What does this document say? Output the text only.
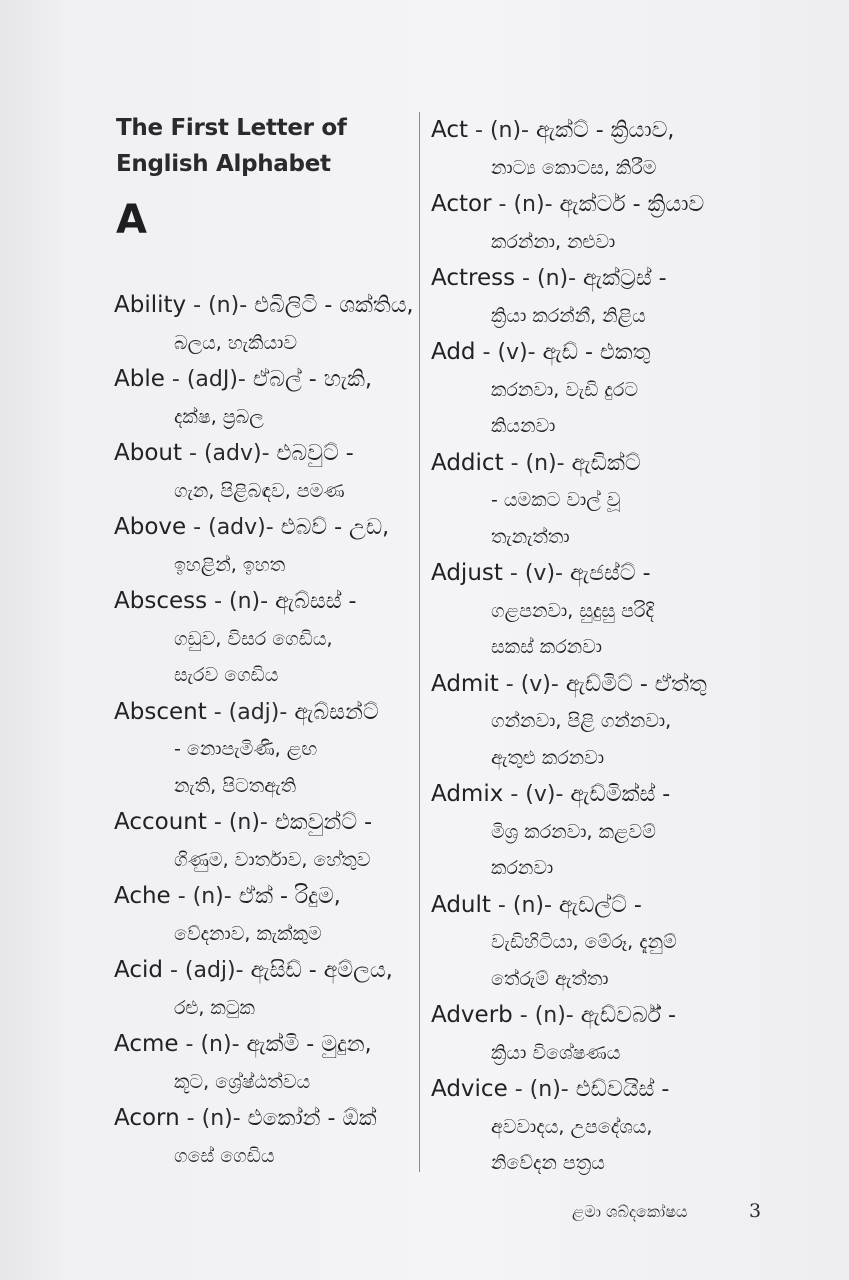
The First Letter of
English Alphabet
A
Ability - (n)- එබිලිටි - ශක්තිය,
බලය, හැකියාව
Able - (adJ)- ඒබල් - හැකි,
දක්ෂ, ප්‍රබල
About - (adv)- එබවුට් -
ගැන, පිළිබඳව, පමණ
Above - (adv)- එබව් - උඩ,
ඉහළින්, ඉහත
Abscess - (n)- ඇබ්සස් -
ගඩුව, විසර ගෙඩිය,
සැරව ගෙඩිය
Abscent - (adj)- ඇබ්සන්ට්
- නොපැමිණි, ළඟ
නැති, පිටතඇති
Account - (n)- එකවුන්ට් -
ගිණුම, වාර්තාව, හේතුව
Ache - (n)- ඒක් - රිදුම,
වේදනාව, කැක්කුම
Acid - (adj)- ඇසිඩ් - අම්ලය,
රළු, කටුක
Acme - (n)- ඇක්මි - මුදුන,
කූට, ශ්‍රේෂ්ඨත්වය
Acorn - (n)- එකෝන් - ඕක්
ගසේ ගෙඩිය
Act - (n)- ඇක්ට් - ක්‍රියාව,
නාට්‍ය කොටස, කිරීම
Actor - (n)- ඇක්ටර් - ක්‍රියාව
කරන්නා, නළුවා
Actress - (n)- ඇක්ට්‍රස් -
ක්‍රියා කරන්නී, නිළිය
Add - (v)- ඇඩ් - එකතු
කරනවා, වැඩි දුරට
කියනවා
Addict - (n)- ඇඩික්ට්
- යමකට වාල් වූ
තැනැත්තා
Adjust - (v)- ඇජස්ට් -
ගළපනවා, සුදුසු පරිදි
සකස් කරනවා
Admit - (v)- ඇඩ්මිට් - ඒත්තු
ගන්නවා, පිළි ගන්නවා,
ඇතුළු කරනවා
Admix - (v)- ඇඩ්මික්ස් -
මිශ්‍ර කරනවා, කළවම්
කරනවා
Adult - (n)- ඇඩල්ට් -
වැඩිහිටියා, මේරූ, දැනුම්
තේරුම් ඇත්තා
Adverb - (n)- ඇඩ්වර්බ් -
ක්‍රියා විශේෂණය
Advice - (n)- එඩ්වයිස් -
අවවාදය, උපදේශය,
නිවේදන පත්‍රය
ළමා ශබ්දකෝෂය	3
